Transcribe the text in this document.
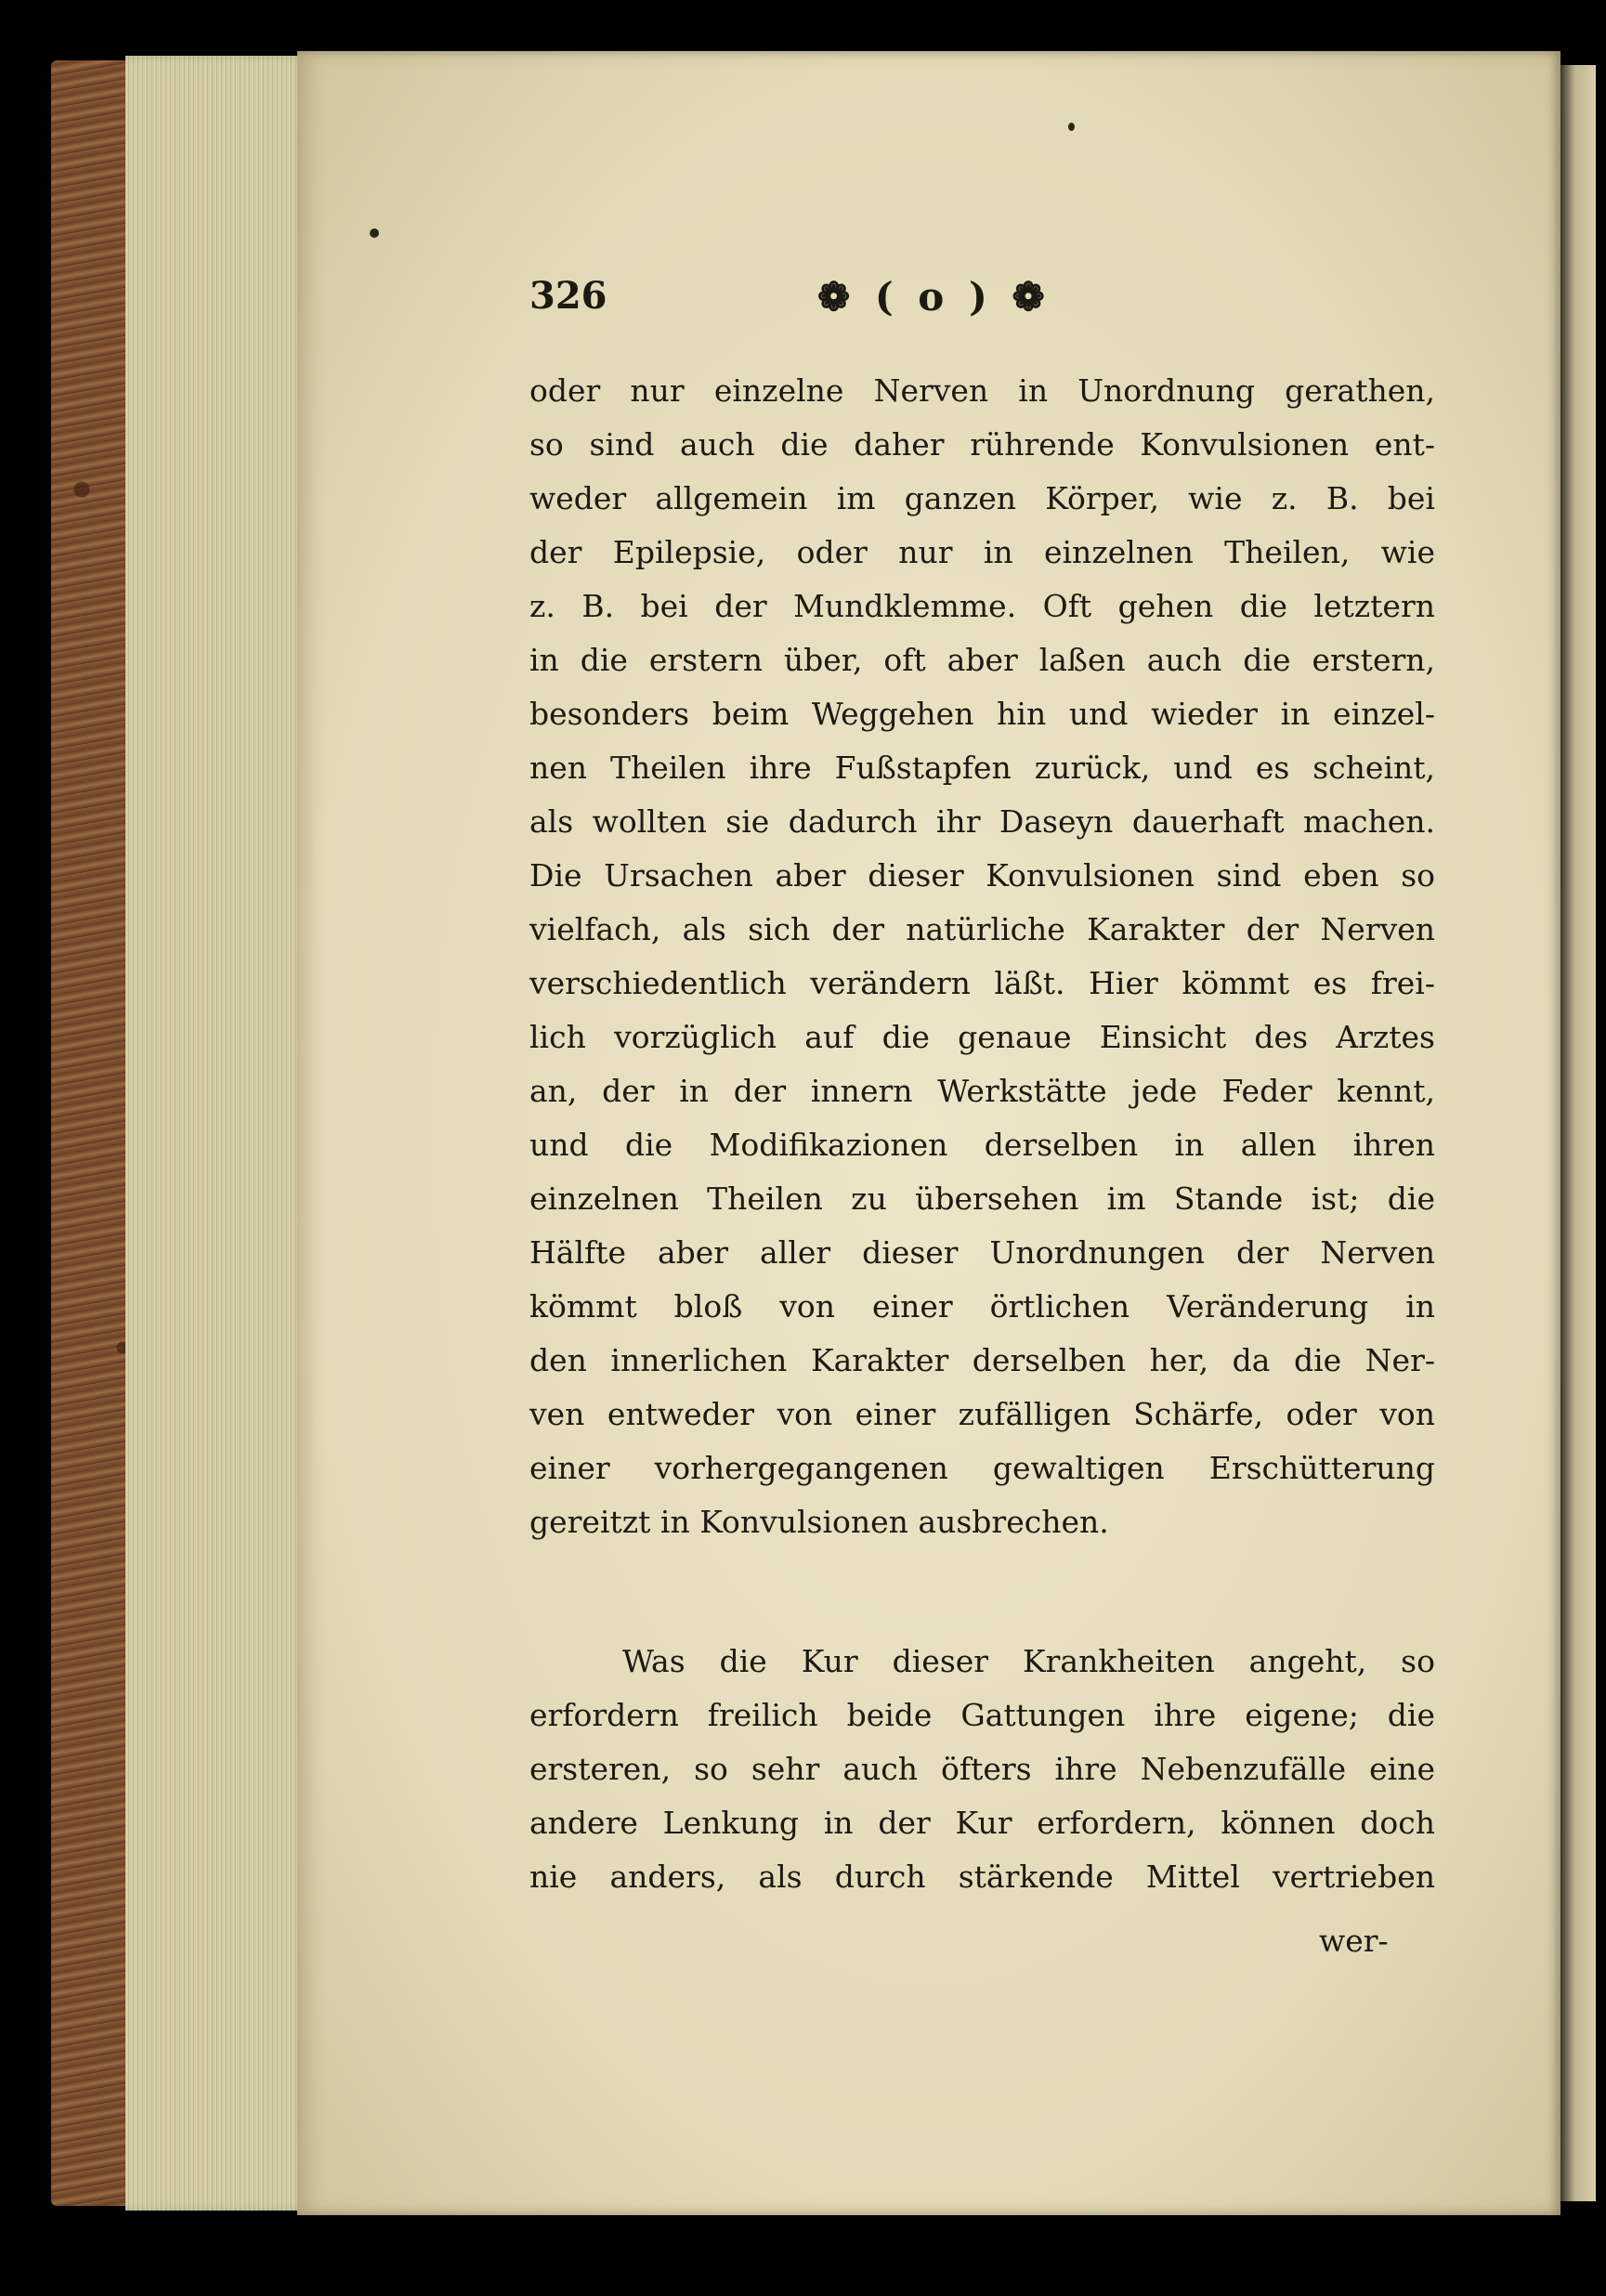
326	❁ ( o ) ❁
oder nur einzelne Nerven in Unordnung gerathen,
so sind auch die daher rührende Konvulsionen ent-
weder allgemein im ganzen Körper, wie z. B. bei
der Epilepsie, oder nur in einzelnen Theilen, wie
z. B. bei der Mundklemme. Oft gehen die letztern
in die erstern über, oft aber laßen auch die erstern,
besonders beim Weggehen hin und wieder in einzel-
nen Theilen ihre Fußstapfen zurück, und es scheint,
als wollten sie dadurch ihr Daseyn dauerhaft machen.
Die Ursachen aber dieser Konvulsionen sind eben so
vielfach, als sich der natürliche Karakter der Nerven
verschiedentlich verändern läßt. Hier kömmt es frei-
lich vorzüglich auf die genaue Einsicht des Arztes
an, der in der innern Werkstätte jede Feder kennt,
und die Modifikazionen derselben in allen ihren
einzelnen Theilen zu übersehen im Stande ist; die
Hälfte aber aller dieser Unordnungen der Nerven
kömmt bloß von einer örtlichen Veränderung in
den innerlichen Karakter derselben her, da die Ner-
ven entweder von einer zufälligen Schärfe, oder von
einer vorhergegangenen gewaltigen Erschütterung
gereitzt in Konvulsionen ausbrechen.
Was die Kur dieser Krankheiten angeht, so
erfordern freilich beide Gattungen ihre eigene; die
ersteren, so sehr auch öfters ihre Nebenzufälle eine
andere Lenkung in der Kur erfordern, können doch
nie anders, als durch stärkende Mittel vertrieben
wer-
